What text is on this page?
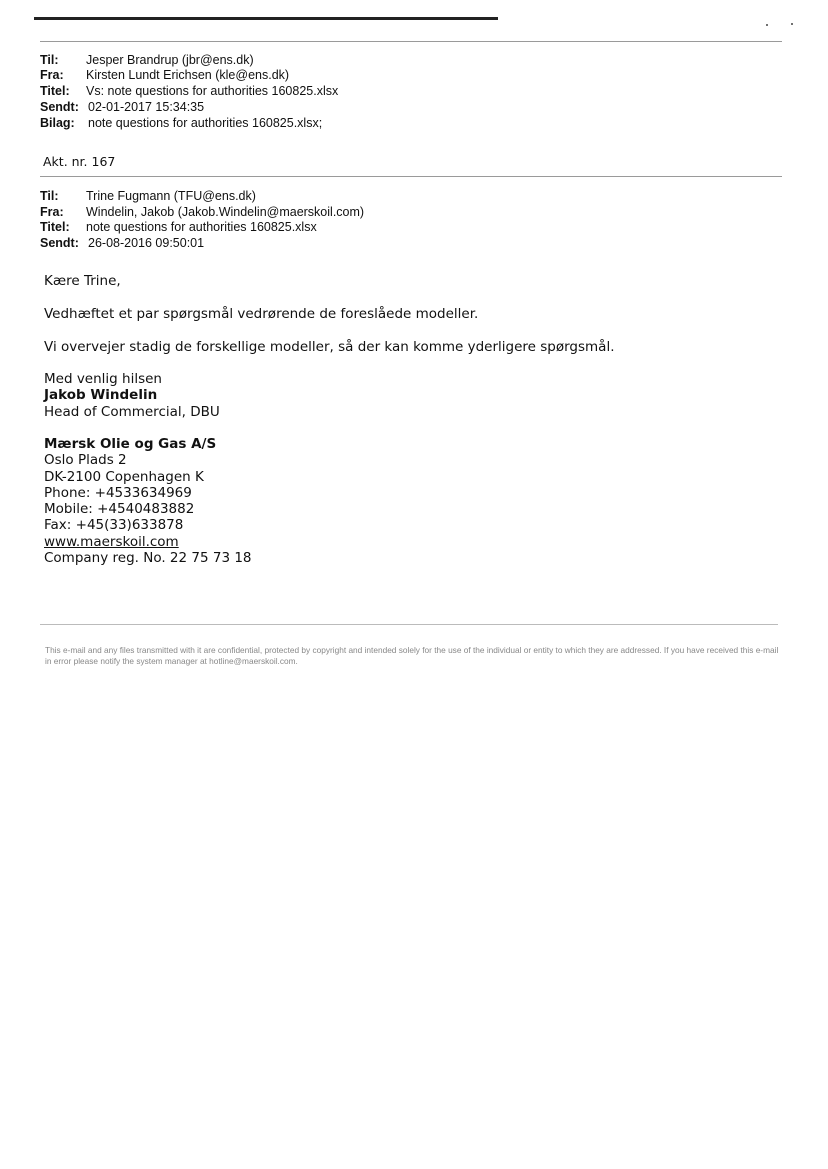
Til: Jesper Brandrup (jbr@ens.dk)
Fra: Kirsten Lundt Erichsen (kle@ens.dk)
Titel: Vs: note questions for authorities 160825.xlsx
Sendt: 02-01-2017 15:34:35
Bilag: note questions for authorities 160825.xlsx;
Akt. nr. 167
Til: Trine Fugmann (TFU@ens.dk)
Fra: Windelin, Jakob (Jakob.Windelin@maerskoil.com)
Titel: note questions for authorities 160825.xlsx
Sendt: 26-08-2016 09:50:01
Kære Trine,
Vedhæftet et par spørgsmål vedrørende de foreslåede modeller.
Vi overvejer stadig de forskellige modeller, så der kan komme yderligere spørgsmål.
Med venlig hilsen
Jakob Windelin
Head of Commercial, DBU
Mærsk Olie og Gas A/S
Oslo Plads 2
DK-2100 Copenhagen K
Phone: +4533634969
Mobile: +4540483882
Fax: +45(33)633878
www.maerskoil.com
Company reg. No. 22 75 73 18
This e-mail and any files transmitted with it are confidential, protected by copyright and intended solely for the use of the individual or entity to which they are addressed. If you have received this e-mail in error please notify the system manager at hotline@maerskoil.com.
